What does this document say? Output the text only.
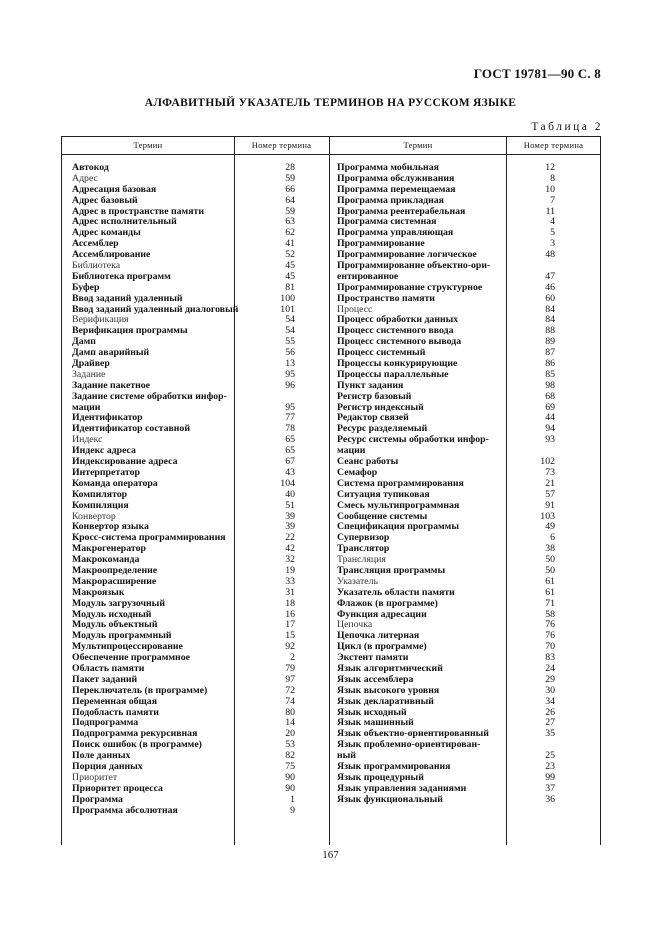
ГОСТ 19781—90 С. 8
АЛФАВИТНЫЙ УКАЗАТЕЛЬ ТЕРМИНОВ НА РУССКОМ ЯЗЫКЕ
Таблица 2
Термин	Номер термина	Термин	Номер термина
Автокод	28
Адрес	59
Адресация базовая	66
Адрес базовый	64
Адрес в пространстве памяти	59
Адрес исполнительный	63
Адрес команды	62
Ассемблер	41
Ассемблирование	52
Библиотека	45
Библиотека программ	45
Буфер	81
Ввод заданий удаленный	100
Ввод заданий удаленный диалоговый	101
Верификация	54
Верификация программы	54
Дамп	55
Дамп аварийный	56
Драйвер	13
Задание	95
Задание пакетное	96
Задание системе обработки инфор-
мации	95
Идентификатор	77
Идентификатор составной	78
Индекс	65
Индекс адреса	65
Индексирование адреса	67
Интерпретатор	43
Команда оператора	104
Компилятор	40
Компиляция	51
Конвертор	39
Конвертор языка	39
Кросс-система программирования	22
Макрогенератор	42
Макрокоманда	32
Макроопределение	19
Макрорасширение	33
Макроязык	31
Модуль загрузочный	18
Модуль исходный	16
Модуль объектный	17
Модуль программный	15
Мультипроцессирование	92
Обеспечение программное	2
Область памяти	79
Пакет заданий	97
Переключатель (в программе)	72
Переменная общая	74
Подобласть памяти	80
Подпрограмма	14
Подпрограмма рекурсивная	20
Поиск ошибок (в программе)	53
Поле данных	82
Порция данных	75
Приоритет	90
Приоритет процесса	90
Программа	1
Программа абсолютная	9
Программа мобильная	12
Программа обслуживания	8
Программа перемещаемая	10
Программа прикладная	7
Программа реентерабельная	11
Программа системная	4
Программа управляющая	5
Программирование	3
Программирование логическое	48
Программирование объектно-ори-
ентированное	47
Программирование структурное	46
Пространство памяти	60
Процесс	84
Процесс обработки данных	84
Процесс системного ввода	88
Процесс системного вывода	89
Процесс системный	87
Процессы конкурирующие	86
Процессы параллельные	85
Пункт задания	98
Регистр базовый	68
Регистр индексный	69
Редактор связей	44
Ресурс разделяемый	94
Ресурс системы обработки инфор-	93
мации
Сеанс работы	102
Семафор	73
Система программирования	21
Ситуация тупиковая	57
Смесь мультипрограммная	91
Сообщение системы	103
Спецификация программы	49
Супервизор	6
Транслятор	38
Трансляция	50
Трансляция программы	50
Указатель	61
Указатель области памяти	61
Флажок (в программе)	71
Функция адресации	58
Цепочка	76
Цепочка литерная	76
Цикл (в программе)	70
Экстент памяти	83
Язык алгоритмический	24
Язык ассемблера	29
Язык высокого уровня	30
Язык декларативный	34
Язык исходный	26
Язык машинный	27
Язык объектно-ориентированный	35
Язык проблемно-ориентирован-
ный	25
Язык программирования	23
Язык процедурный	99
Язык управления заданиями	37
Язык функциональный	36
167
